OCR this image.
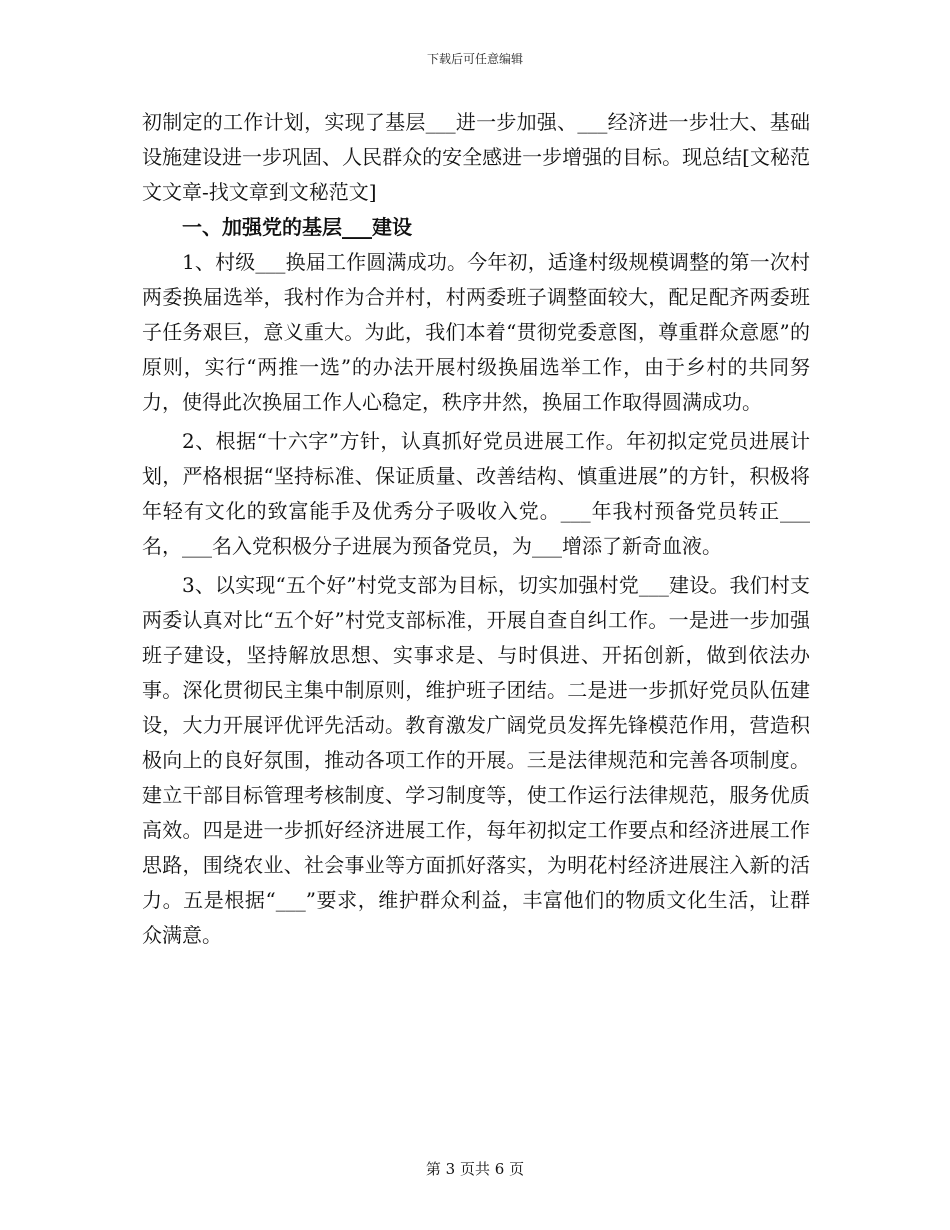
下载后可任意编辑

初制定的工作计划，实现了基层___进一步加强、___经济进一步壮大、基础设施建设进一步巩固、人民群众的安全感进一步增强的目标。现总结[文秘范文文章-找文章到文秘范文]

一、加强党的基层___建设

1、村级___换届工作圆满成功。今年初，适逢村级规模调整的第一次村两委换届选举，我村作为合并村，村两委班子调整面较大，配足配齐两委班子任务艰巨，意义重大。为此，我们本着“贯彻党委意图，尊重群众意愿”的原则，实行“两推一选”的办法开展村级换届选举工作，由于乡村的共同努力，使得此次换届工作人心稳定，秩序井然，换届工作取得圆满成功。

2、根据“十六字”方针，认真抓好党员进展工作。年初拟定党员进展计划，严格根据“坚持标准、保证质量、改善结构、慎重进展”的方针，积极将年轻有文化的致富能手及优秀分子吸收入党。___年我村预备党员转正___名，___名入党积极分子进展为预备党员，为___增添了新奇血液。

3、以实现“五个好”村党支部为目标，切实加强村党___建设。我们村支两委认真对比“五个好”村党支部标准，开展自查自纠工作。一是进一步加强班子建设，坚持解放思想、实事求是、与时俱进、开拓创新，做到依法办事。深化贯彻民主集中制原则，维护班子团结。二是进一步抓好党员队伍建设，大力开展评优评先活动。教育激发广阔党员发挥先锋模范作用，营造积极向上的良好氛围，推动各项工作的开展。三是法律规范和完善各项制度。建立干部目标管理考核制度、学习制度等，使工作运行法律规范，服务优质高效。四是进一步抓好经济进展工作，每年初拟定工作要点和经济进展工作思路，围绕农业、社会事业等方面抓好落实，为明花村经济进展注入新的活力。五是根据“___”要求，维护群众利益，丰富他们的物质文化生活，让群众满意。

第 3 页共 6 页
